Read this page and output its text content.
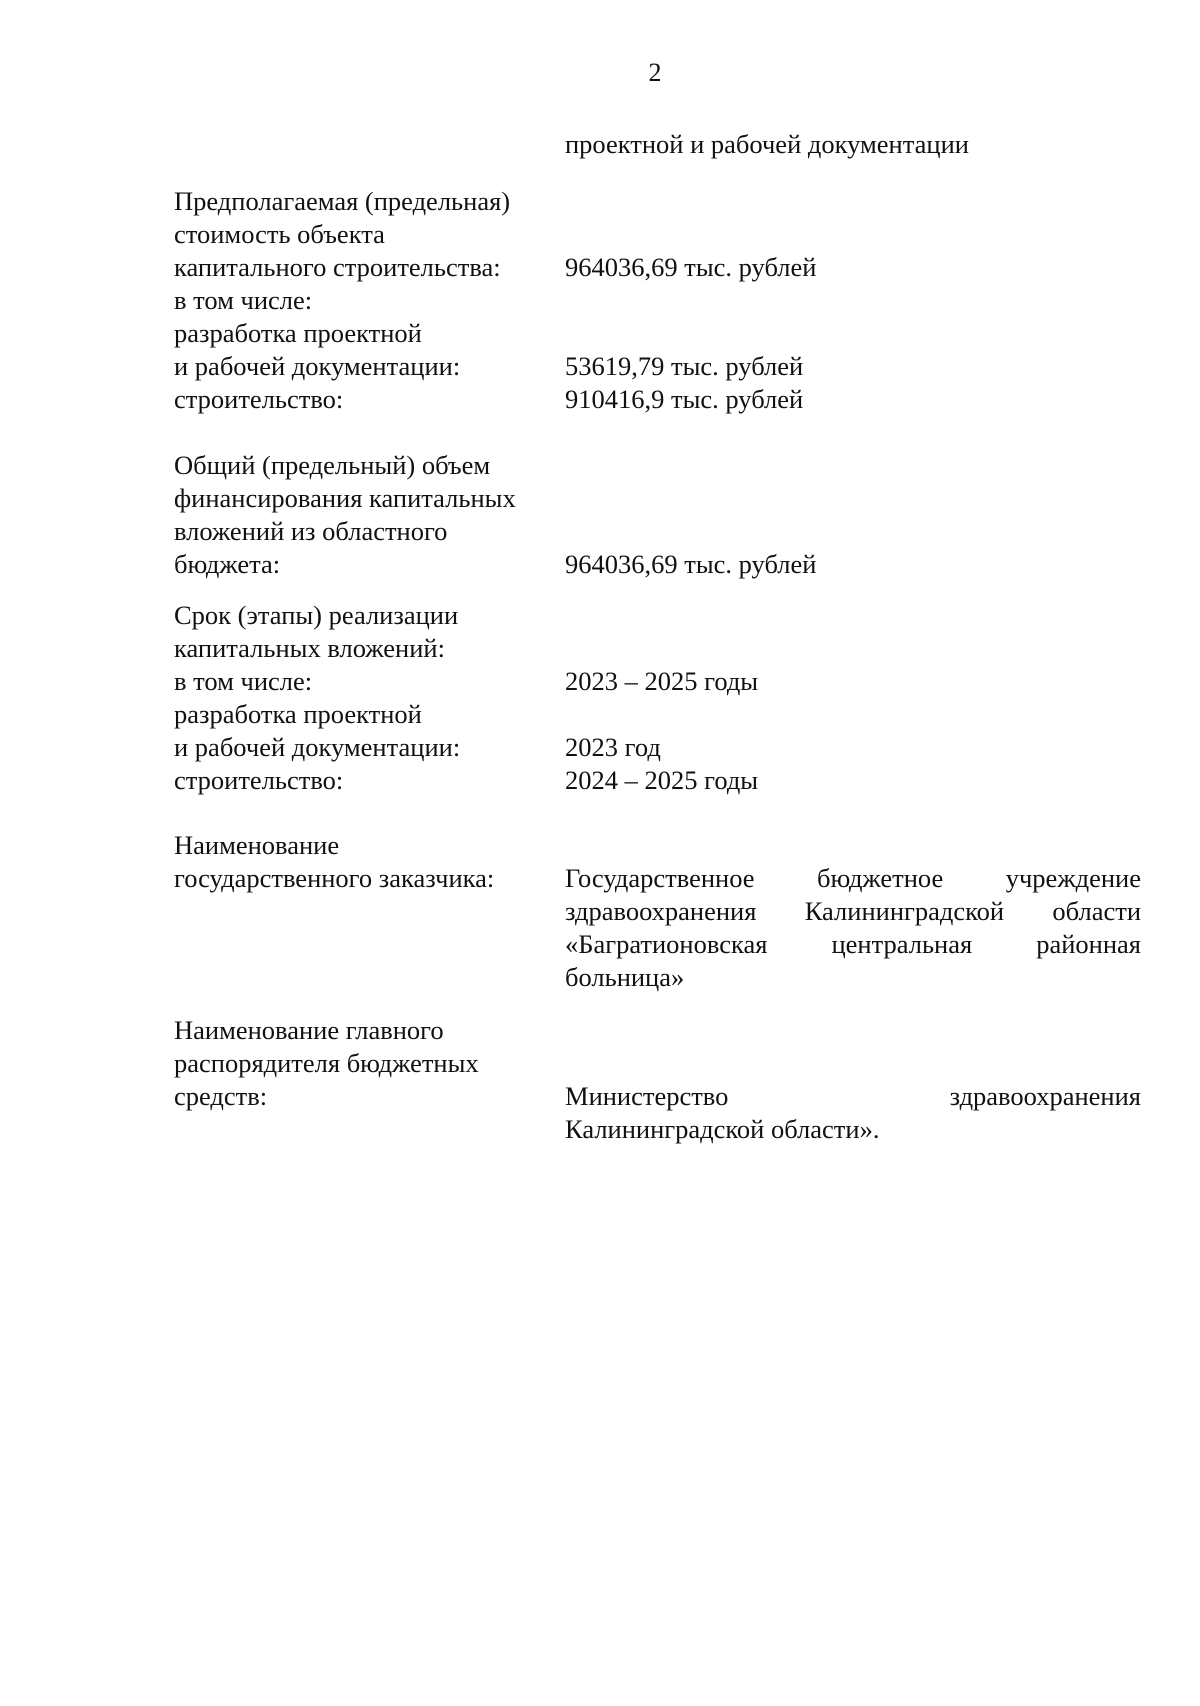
2
проектной и рабочей документации
Предполагаемая (предельная)
стоимость объекта
капитального строительства: 964036,69 тыс. рублей
в том числе:
разработка проектной
и рабочей документации:	53619,79 тыс. рублей
строительство:	910416,9 тыс. рублей
Общий (предельный) объем
финансирования капитальных
вложений из областного
бюджета:	964036,69 тыс. рублей
Срок (этапы) реализации
капитальных вложений:
в том числе:	2023 – 2025 годы
разработка проектной
и рабочей документации:	2023 год
строительство:	2024 – 2025 годы
Наименование
государственного заказчика:	Государственное бюджетное учреждение
здравоохранения Калининградской области
«Багратионовская центральная районная
больница»
Наименование главного
распорядителя бюджетных
средств:	Министерство здравоохранения
Калининградской области».
